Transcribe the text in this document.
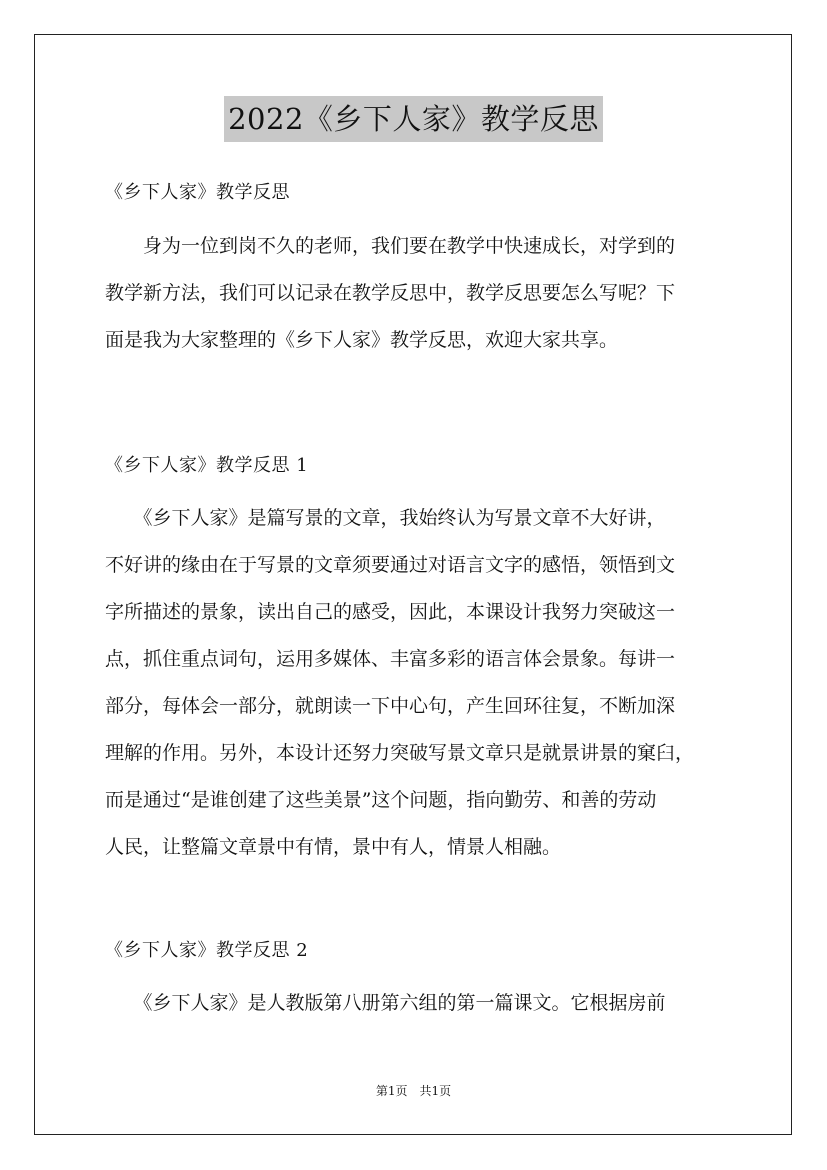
2022《乡下人家》教学反思
《乡下人家》教学反思

　　身为一位到岗不久的老师，我们要在教学中快速成长，对学到的
教学新方法，我们可以记录在教学反思中，教学反思要怎么写呢？下
面是我为大家整理的《乡下人家》教学反思，欢迎大家共享。

《乡下人家》教学反思 1

　　《乡下人家》是篇写景的文章，我始终认为写景文章不大好讲，
不好讲的缘由在于写景的文章须要通过对语言文字的感悟，领悟到文
字所描述的景象，读出自己的感受，因此，本课设计我努力突破这一
点，抓住重点词句，运用多媒体、丰富多彩的语言体会景象。每讲一
部分，每体会一部分，就朗读一下中心句，产生回环往复，不断加深
理解的作用。另外，本设计还努力突破写景文章只是就景讲景的窠臼，
而是通过“是谁创建了这些美景”这个问题，指向勤劳、和善的劳动
人民，让整篇文章景中有情，景中有人，情景人相融。

《乡下人家》教学反思 2

　　《乡下人家》是人教版第八册第六组的第一篇课文。它根据房前

第1页　共1页
